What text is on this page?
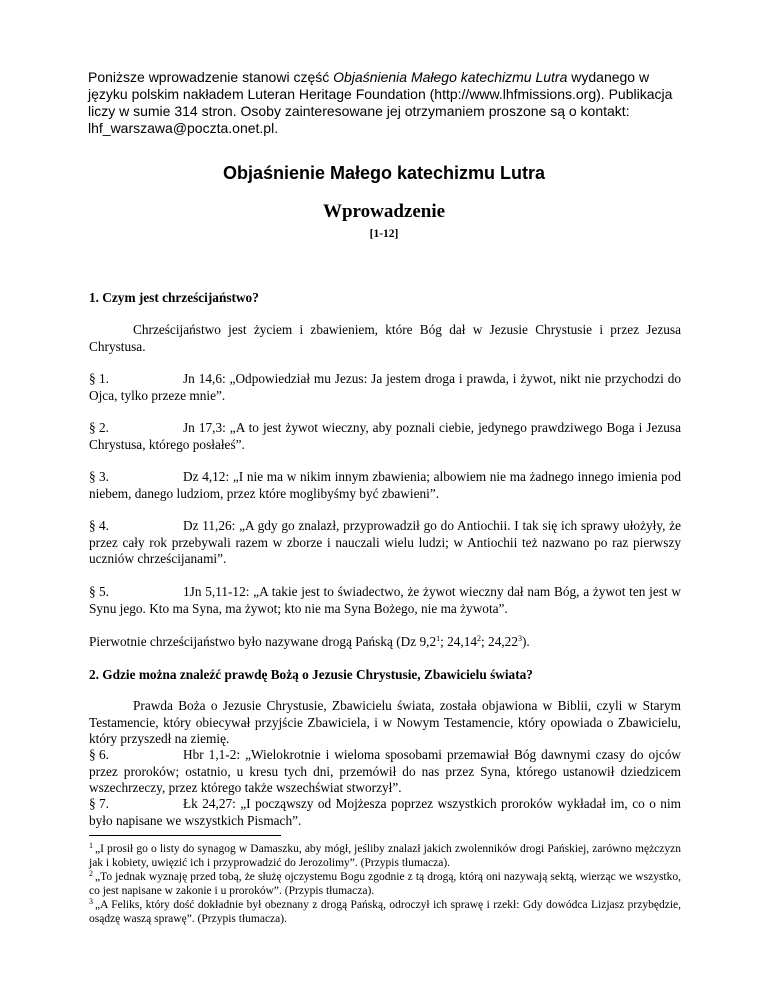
Poniższe wprowadzenie stanowi część Objaśnienia Małego katechizmu Lutra wydanego w języku polskim nakładem Luteran Heritage Foundation (http://www.lhfmissions.org). Publikacja liczy w sumie 314 stron. Osoby zainteresowane jej otrzymaniem proszone są o kontakt: lhf_warszawa@poczta.onet.pl.
Objaśnienie Małego katechizmu Lutra
Wprowadzenie
[1-12]
1. Czym jest chrześcijaństwo?
Chrześcijaństwo jest życiem i zbawieniem, które Bóg dał w Jezusie Chrystusie i przez Jezusa Chrystusa.
§ 1.	Jn 14,6: „Odpowiedział mu Jezus: Ja jestem droga i prawda, i żywot, nikt nie przychodzi do Ojca, tylko przeze mnie”.
§ 2.	Jn 17,3: „A to jest żywot wieczny, aby poznali ciebie, jedynego prawdziwego Boga i Jezusa Chrystusa, którego posłałeś”.
§ 3.	Dz 4,12: „I nie ma w nikim innym zbawienia; albowiem nie ma żadnego innego imienia pod niebem, danego ludziom, przez które moglibyśmy być zbawieni”.
§ 4.	Dz 11,26: „A gdy go znalazł, przyprowadził go do Antiochii. I tak się ich sprawy ułożyły, że przez cały rok przebywali razem w zborze i nauczali wielu ludzi; w Antiochii też nazwano po raz pierwszy uczniów chrześcijanami”.
§ 5.	1Jn 5,11-12: „A takie jest to świadectwo, że żywot wieczny dał nam Bóg, a żywot ten jest w Synu jego. Kto ma Syna, ma żywot; kto nie ma Syna Bożego, nie ma żywota”.
Pierwotnie chrześcijaństwo było nazywane drogą Pańską (Dz $9,2^1$; 24,14$^2$; 24,22$^3$).
2. Gdzie można znaleźć prawdę Bożą o Jezusie Chrystusie, Zbawicielu świata?
Prawda Boża o Jezusie Chrystusie, Zbawicielu świata, została objawiona w Biblii, czyli w Starym Testamencie, który obiecywał przyjście Zbawiciela, i w Nowym Testamencie, który opowiada o Zbawicielu, który przyszedł na ziemię.
§ 6.	Hbr 1,1-2: „Wielokrotnie i wieloma sposobami przemawiał Bóg dawnymi czasy do ojców przez proroków; ostatnio, u kresu tych dni, przemówił do nas przez Syna, którego ustanowił dziedzicem wszechrzeczy, przez którego także wszechświat stworzył”.
$^1$ „I prosił go o listy do synagog w Damaszku, aby mógł, jeśliby znalazł jakich zwolenników drogi Pańskiej, zarówno mężczyzn jak i kobiety, uwięzić ich i przyprowadzić do Jerozolimy”. (Przypis tłumacza).
$^2$ „To jednak wyznaję przed tobą, że służę ojczystemu Bogu zgodnie z tą drogą, którą oni nazywają sektą, wierząc we wszystko, co jest napisane w zakonie i u proroków”. (Przypis tłumacza).
$^3$ „A Feliks, który dość dokładnie był obeznany z drogą Pańską, odroczył ich sprawę i rzekł: Gdy dowódca Lizjasz przybędzie, osądzę waszą sprawę”. (Przypis tłumacza).
§ 7.	Łk 24,27: „I począwszy od Mojżesza poprzez wszystkich proroków wykładał im, co o nim było napisane we wszystkich Pismach”.
